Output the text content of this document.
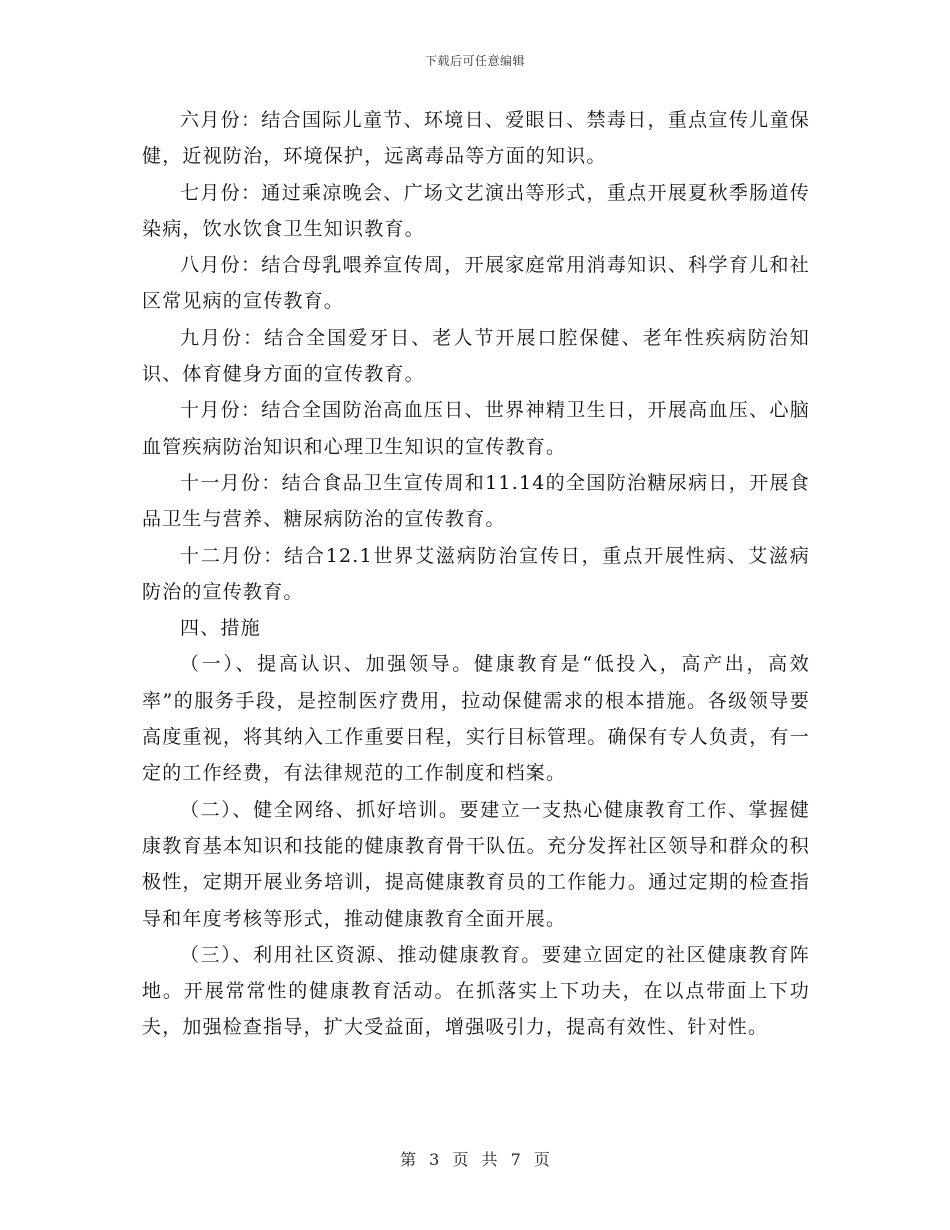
下载后可任意编辑

六月份：结合国际儿童节、环境日、爱眼日、禁毒日，重点宣传儿童保健，近视防治，环境保护，远离毒品等方面的知识。

七月份：通过乘凉晚会、广场文艺演出等形式，重点开展夏秋季肠道传染病，饮水饮食卫生知识教育。

八月份：结合母乳喂养宣传周，开展家庭常用消毒知识、科学育儿和社区常见病的宣传教育。

九月份：结合全国爱牙日、老人节开展口腔保健、老年性疾病防治知识、体育健身方面的宣传教育。

十月份：结合全国防治高血压日、世界神精卫生日，开展高血压、心脑血管疾病防治知识和心理卫生知识的宣传教育。

十一月份：结合食品卫生宣传周和11.14的全国防治糖尿病日，开展食品卫生与营养、糖尿病防治的宣传教育。

十二月份：结合12.1世界艾滋病防治宣传日，重点开展性病、艾滋病防治的宣传教育。

四、措施

（一）、提高认识、加强领导。健康教育是“低投入，高产出，高效率”的服务手段，是控制医疗费用，拉动保健需求的根本措施。各级领导要高度重视，将其纳入工作重要日程，实行目标管理。确保有专人负责，有一定的工作经费，有法律规范的工作制度和档案。

（二）、健全网络、抓好培训。要建立一支热心健康教育工作、掌握健康教育基本知识和技能的健康教育骨干队伍。充分发挥社区领导和群众的积极性，定期开展业务培训，提高健康教育员的工作能力。通过定期的检查指导和年度考核等形式，推动健康教育全面开展。

（三）、利用社区资源、推动健康教育。要建立固定的社区健康教育阵地。开展常常性的健康教育活动。在抓落实上下功夫，在以点带面上下功夫，加强检查指导，扩大受益面，增强吸引力，提高有效性、针对性。

第 3 页 共 7 页
